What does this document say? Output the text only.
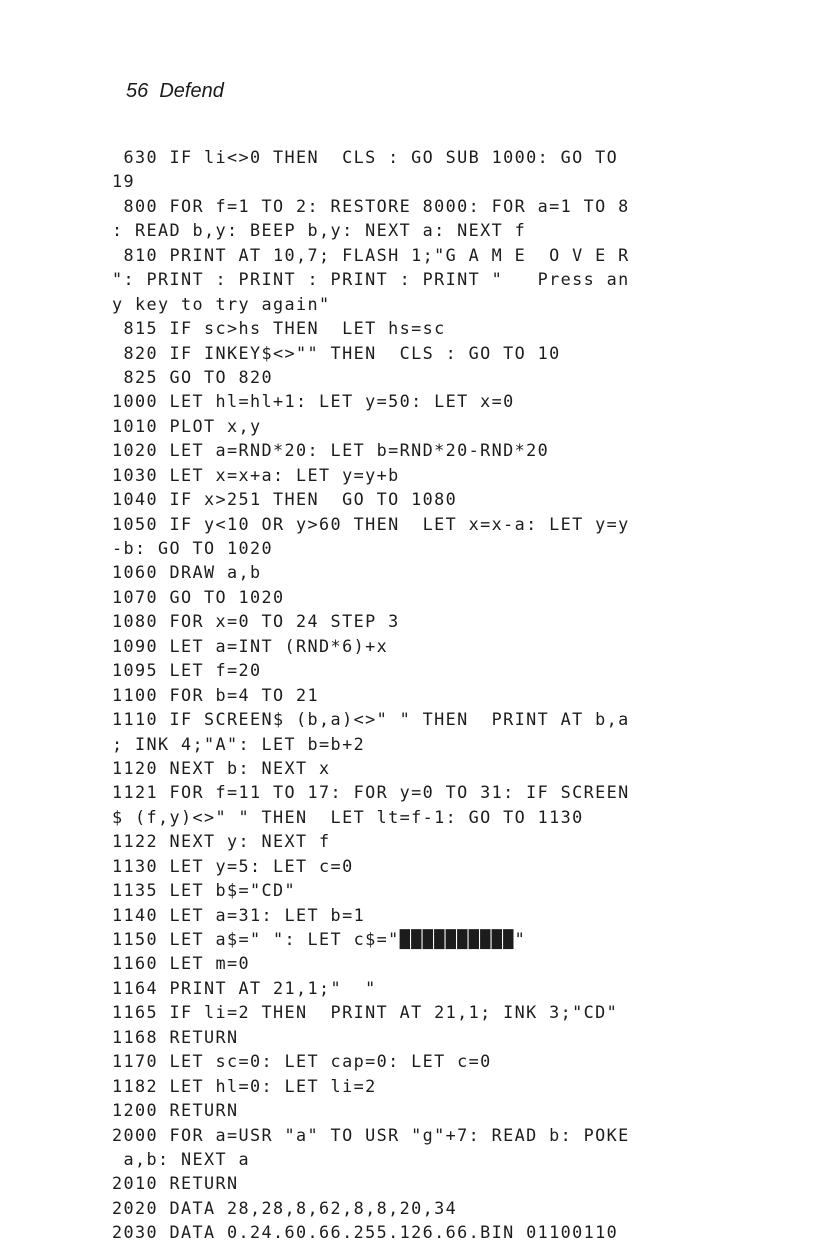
56  Defend
630 IF li<>0 THEN  CLS : GO SUB 1000: GO TO
19
800 FOR f=1 TO 2: RESTORE 8000: FOR a=1 TO 8
: READ b,y: BEEP b,y: NEXT a: NEXT f
810 PRINT AT 10,7; FLASH 1;"G A M E  O V E R
": PRINT : PRINT : PRINT : PRINT "   Press an
y key to try again"
815 IF sc>hs THEN  LET hs=sc
820 IF INKEY$<>"" THEN  CLS : GO TO 10
825 GO TO 820
1000 LET hl=hl+1: LET y=50: LET x=0
1010 PLOT x,y
1020 LET a=RND*20: LET b=RND*20-RND*20
1030 LET x=x+a: LET y=y+b
1040 IF x>251 THEN  GO TO 1080
1050 IF y<10 OR y>60 THEN  LET x=x-a: LET y=y
-b: GO TO 1020
1060 DRAW a,b
1070 GO TO 1020
1080 FOR x=0 TO 24 STEP 3
1090 LET a=INT (RND*6)+x
1095 LET f=20
1100 FOR b=4 TO 21
1110 IF SCREEN$ (b,a)<>" " THEN  PRINT AT b,a
; INK 4;"A": LET b=b+2
1120 NEXT b: NEXT x
1121 FOR f=11 TO 17: FOR y=0 TO 31: IF SCREEN
$ (f,y)<>" " THEN  LET lt=f-1: GO TO 1130
1122 NEXT y: NEXT f
1130 LET y=5: LET c=0
1135 LET b$="CD"
1140 LET a=31: LET b=1
1150 LET a$=" ": LET c$="██████████"
1160 LET m=0
1164 PRINT AT 21,1;"  "
1165 IF li=2 THEN  PRINT AT 21,1; INK 3;"CD"
1168 RETURN
1170 LET sc=0: LET cap=0: LET c=0
1182 LET hl=0: LET li=2
1200 RETURN
2000 FOR a=USR "a" TO USR "g"+7: READ b: POKE
a,b: NEXT a
2010 RETURN
2020 DATA 28,28,8,62,8,8,20,34
2030 DATA 0.24.60.66.255.126.66.BIN 01100110
